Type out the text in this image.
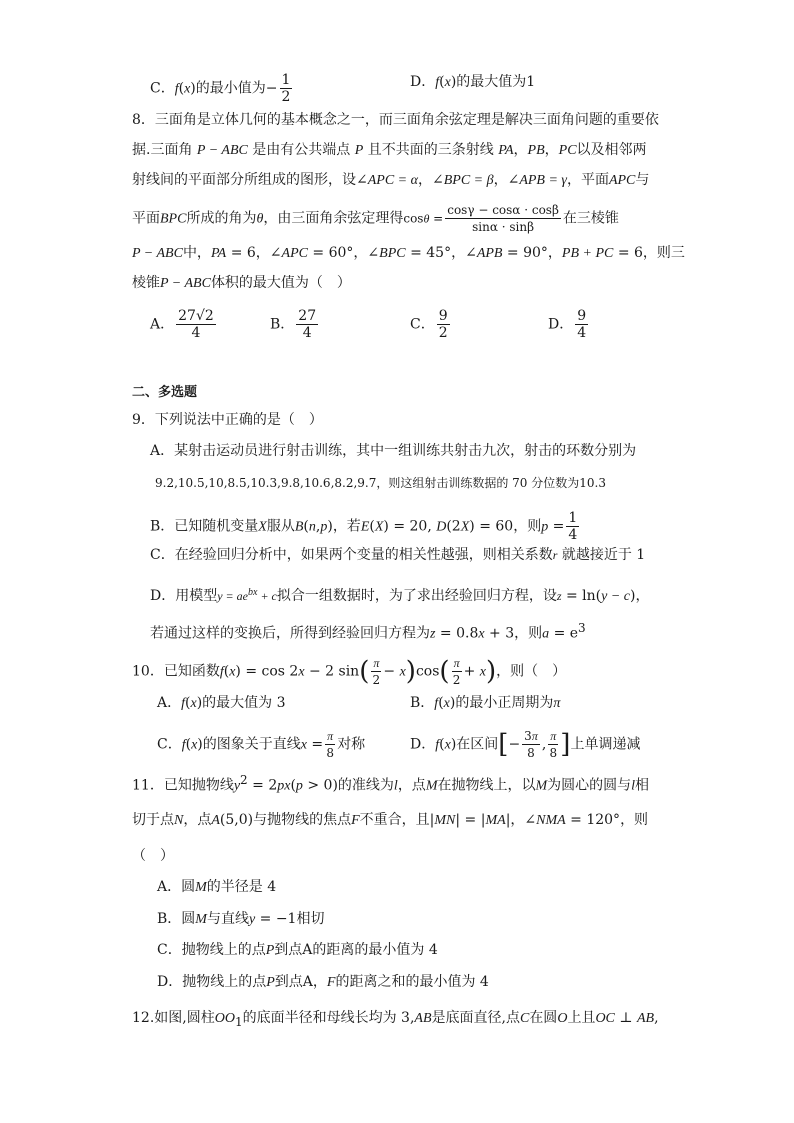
C．f(x)的最小值为− $\frac{1}{2}$	D．f(x)的最大值为1
8．三面角是立体几何的基本概念之一，而三面角余弦定理是解决三面角问题的重要依
据.三面角 P − ABC 是由有公共端点 P 且不共面的三条射线 PA，PB，PC以及相邻两
射线间的平面部分所组成的图形，设∠APC = α，∠BPC = β，∠APB = γ，平面APC与
平面BPC所成的角为θ，由三面角余弦定理得$\cos\theta = \frac{\cos\gamma - \cos\alpha \cdot \cos\beta}{\sin\alpha \cdot \sin\beta}$ 在三棱锥
P − ABC中，PA = 6，∠APC = 60°，∠BPC = 45°，∠APB = 90°，PB + PC = 6，则三
棱锥P − ABC体积的最大值为（　）
A． $\frac{27√2}{4}$	B． $\frac{27}{4}$	C． $\frac{9}{2}$	D． $\frac{9}{4}$
二、多选题
9．下列说法中正确的是（　）
A．某射击运动员进行射击训练，其中一组训练共射击九次，射击的环数分别为
9.2,10.5,10,8.5,10.3,9.8,10.6,8.2,9.7，则这组射击训练数据的 70 分位数为10.3
B．已知随机变量X服从B(n,p)，若E(X) = 20, D(2X) = 60，则$p = \frac{1}{4}$
C．在经验回归分析中，如果两个变量的相关性越强，则相关系数r 就越接近于 1
D．用模型$y = ae^{bx} + c$拟合一组数据时，为了求出经验回归方程，设z = ln(y − c)，
若通过这样的变换后，所得到经验回归方程为z = 0.8x + 3，则$a = e^3$
10．已知函数f(x) = cos 2x − 2 $\sin( \frac{\pi}{2} - x)\cos( \frac{\pi}{2} + x)$，则（　）
A．f(x)的最大值为 3	B．f(x)的最小正周期为π
C．f(x)的图象关于直线$x = \frac{\pi}{8}$ 对称	D．f(x)在区间[− $\frac{3\pi}{8}$ , $\frac{\pi}{8}$ ]上单调递减
11．已知抛物线$y^2 = 2px(p > 0)$的准线为l，点M在抛物线上，以M为圆心的圆与l相
切于点N，点A(5,0)与抛物线的焦点F不重合，且|MN| = |MA|，∠NMA = 120°，则
（　）
A．圆M的半径是 4
B．圆M与直线y = −1相切
C．抛物线上的点P到点A的距离的最小值为 4
D．抛物线上的点P到点A，F的距离之和的最小值为 4
12.如图,圆柱$OO_1$的底面半径和母线长均为 3,AB是底面直径,点C在圆O上且OC ⊥ AB,
